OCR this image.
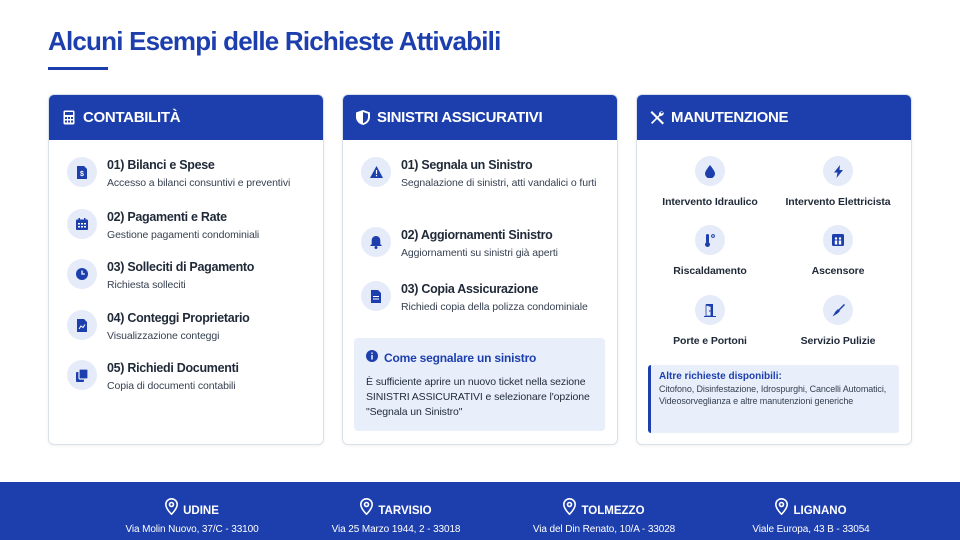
Alcuni Esempi delle Richieste Attivabili
CONTABILITÀ
$
01) Bilanci e Spese
Accesso a bilanci consuntivi e preventivi
02) Pagamenti e Rate
Gestione pagamenti condominiali
03) Solleciti di Pagamento
Richiesta solleciti
04) Conteggi Proprietario
Visualizzazione conteggi
05) Richiedi Documenti
Copia di documenti contabili
SINISTRI ASSICURATIVI
01) Segnala un Sinistro
Segnalazione di sinistri, atti vandalici o furti
02) Aggiornamenti Sinistro
Aggiornamenti su sinistri già aperti
03) Copia Assicurazione
Richiedi copia della polizza condominiale
Come segnalare un sinistro
È sufficiente aprire un nuovo ticket nella sezione SINISTRI ASSICURATIVI e selezionare l'opzione "Segnala un Sinistro"
MANUTENZIONE
Intervento Idraulico	Intervento Elettricista
Riscaldamento	Ascensore
Porte e Portoni	Servizio Pulizie
Altre richieste disponibili:
Citofono, Disinfestazione, Idrospurghi, Cancelli Automatici, Videosorveglianza e altre manutenzioni generiche
UDINE
Via Molin Nuovo, 37/C - 33100
TARVISIO
Via 25 Marzo 1944, 2 - 33018
TOLMEZZO
Via del Din Renato, 10/A - 33028
LIGNANO
Viale Europa, 43 B - 33054
